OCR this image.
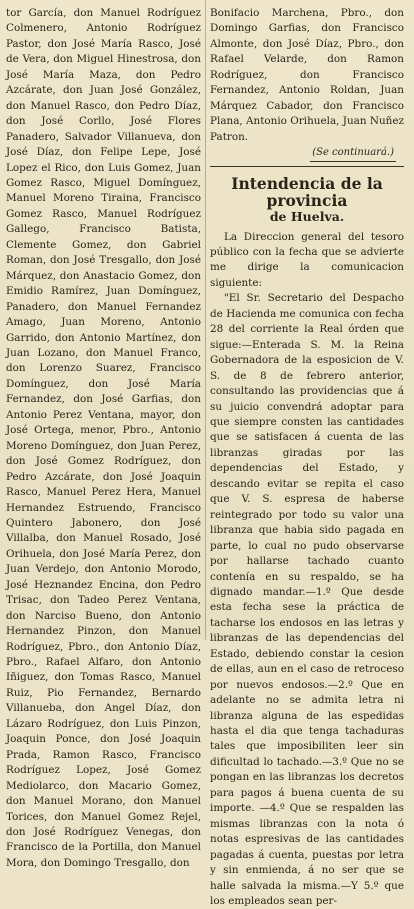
tor García, don Manuel Rodríguez Colmenero, Antonio Rodríguez Pastor, don José María Rasco, José de Vera, don Miguel Hinestrosa, don José María Maza, don Pedro Azcárate, don Juan José González, don Manuel Rasco, don Pedro Díaz, don José Corllo, José Flores Panadero, Salvador Villanueva, don José Díaz, don Felipe Lepe, José Lopez el Rico, don Luis Gomez, Juan Gomez Rasco, Miguel Domínguez, Manuel Moreno Tiraina, Francisco Gomez Rasco, Manuel Rodríguez Gallego, Francisco Batista, Clemente Gomez, don Gabriel Roman, don José Tresgallo, don José Márquez, don Anastacio Gomez, don Emidio Ramírez, Juan Domínguez, Panadero, don Manuel Fernandez Amago, Juan Moreno, Antonio Garrido, don Antonio Martínez, don Juan Lozano, don Manuel Franco, don Lorenzo Suarez, Francisco Domínguez, don José María Fernandez, don José Garfias, don Antonio Perez Ventana, mayor, don José Ortega, menor, Pbro., Antonio Moreno Domínguez, don Juan Perez, don José Gomez Rodríguez, don Pedro Azcárate, don José Joaquin Rasco, Manuel Perez Hera, Manuel Hernandez Estruendo, Francisco Quintero Jabonero, don José Villalba, don Manuel Rosado, José Orihuela, don José María Perez, don Juan Verdejo, don Antonio Morodo, José Heznandez Encina, don Pedro Trisac, don Tadeo Perez Ventana, don Narciso Bueno, don Antonio Hernandez Pinzon, don Manuel Rodríguez, Pbro., don Antonio Díaz, Pbro., Rafael Alfaro, don Antonio Iñiguez, don Tomas Rasco, Manuel Ruiz, Pio Fernandez, Bernardo Villanueba, don Angel Díaz, don Lázaro Rodríguez, don Luis Pinzon, Joaquin Ponce, don José Joaquin Prada, Ramon Rasco, Francisco Rodríguez Lopez, José Gomez Mediolarco, don Macario Gomez, don Manuel Morano, don Manuel Torices, don Manuel Gomez Rejel, don José Rodríguez Venegas, don Francisco de la Portilla, don Manuel Mora, don Domingo Tresgallo, don

Bonifacio Marchena, Pbro., don Domingo Garfias, don Francisco Almonte, don José Díaz, Pbro., don Rafael Velarde, don Ramon Rodríguez, don Francisco Fernandez, Antonio Roldan, Juan Márquez Cabador, don Francisco Plana, Antonio Orihuela, Juan Nuñez Patron.

(Se continuará.)

Intendencia de la provincia
de Huelva.

La Direccion general del tesoro público con la fecha que se advierte me dirige la comunicacion siguiente:

"El Sr. Secretario del Despacho de Hacienda me comunica con fecha 28 del corriente la Real órden que sigue:—Enterada S. M. la Reina Gobernadora de la esposicion de V. S. de 8 de febrero anterior, consultando las providencias que á su juicio convendrá adoptar para que siempre consten las cantidades que se satisfacen á cuenta de las libranzas giradas por las dependencias del Estado, y descando evitar se repita el caso que V. S. espresa de haberse reintegrado por todo su valor una libranza que habia sido pagada en parte, lo cual no pudo observarse por hallarse tachado cuanto contenía en su respaldo, se ha dignado mandar.—1.º Que desde esta fecha sese la práctica de tacharse los endosos en las letras y libranzas de las dependencias del Estado, debiendo constar la cesion de ellas, aun en el caso de retroceso por nuevos endosos.—2.º Que en adelante no se admita letra ni libranza alguna de las espedidas hasta el dia que tenga tachaduras tales que imposibiliten leer sin dificultad lo tachado.—3.º Que no se pongan en las libranzas los decretos para pagos á buena cuenta de su importe. —4.º Que se respalden las mismas libranzas con la nota ó notas espresivas de las cantidades pagadas á cuenta, puestas por letra y sin enmienda, á no ser que se halle salvada la misma.—Y 5.º que los empleados sean per-
